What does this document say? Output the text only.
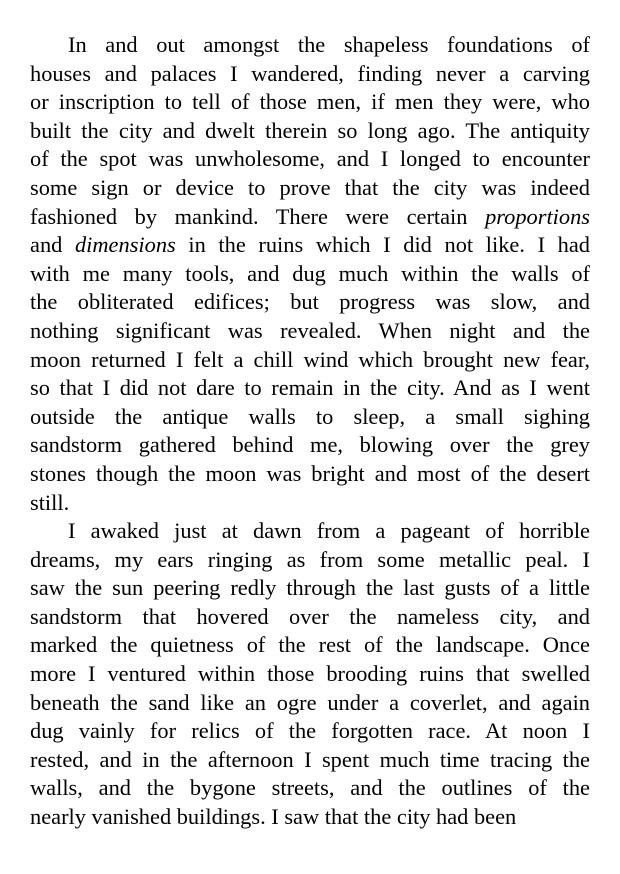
In and out amongst the shapeless foundations of
houses and palaces I wandered, finding never a carving
or inscription to tell of those men, if men they were, who
built the city and dwelt therein so long ago. The antiquity
of the spot was unwholesome, and I longed to encounter
some sign or device to prove that the city was indeed
fashioned by mankind. There were certain proportions
and dimensions in the ruins which I did not like. I had
with me many tools, and dug much within the walls of
the obliterated edifices; but progress was slow, and
nothing significant was revealed. When night and the
moon returned I felt a chill wind which brought new fear,
so that I did not dare to remain in the city. And as I went
outside the antique walls to sleep, a small sighing
sandstorm gathered behind me, blowing over the grey
stones though the moon was bright and most of the desert
still.
I awaked just at dawn from a pageant of horrible
dreams, my ears ringing as from some metallic peal. I
saw the sun peering redly through the last gusts of a little
sandstorm that hovered over the nameless city, and
marked the quietness of the rest of the landscape. Once
more I ventured within those brooding ruins that swelled
beneath the sand like an ogre under a coverlet, and again
dug vainly for relics of the forgotten race. At noon I
rested, and in the afternoon I spent much time tracing the
walls, and the bygone streets, and the outlines of the
nearly vanished buildings. I saw that the city had been
